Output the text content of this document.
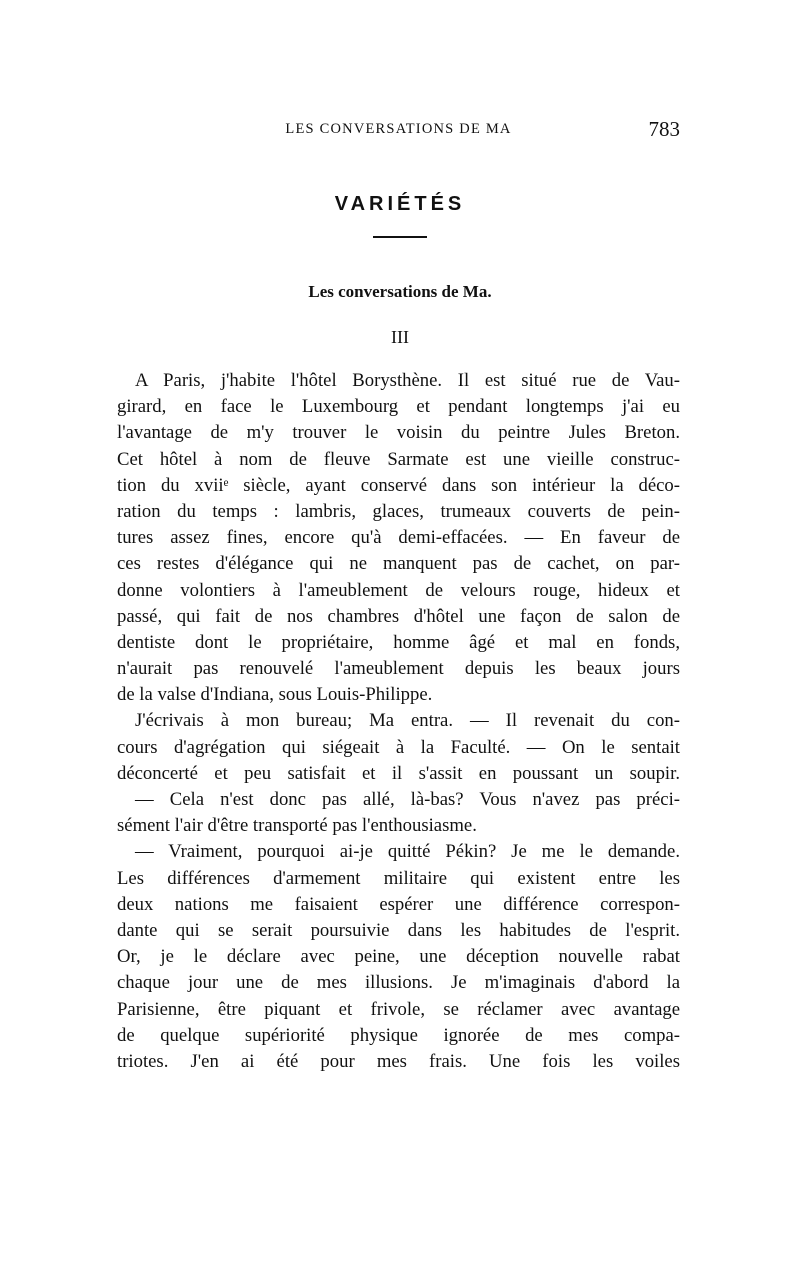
LES CONVERSATIONS DE MA	783
VARIÉTÉS
Les conversations de Ma.
III
A Paris, j'habite l'hôtel Borysthène. Il est situé rue de Vau-
girard, en face le Luxembourg et pendant longtemps j'ai eu
l'avantage de m'y trouver le voisin du peintre Jules Breton.
Cet hôtel à nom de fleuve Sarmate est une vieille construc-
tion du xviiᵉ siècle, ayant conservé dans son intérieur la déco-
ration du temps : lambris, glaces, trumeaux couverts de pein-
tures assez fines, encore qu'à demi-effacées. — En faveur de
ces restes d'élégance qui ne manquent pas de cachet, on par-
donne volontiers à l'ameublement de velours rouge, hideux et
passé, qui fait de nos chambres d'hôtel une façon de salon de
dentiste dont le propriétaire, homme âgé et mal en fonds,
n'aurait pas renouvelé l'ameublement depuis les beaux jours
de la valse d'Indiana, sous Louis-Philippe.
J'écrivais à mon bureau; Ma entra. — Il revenait du con-
cours d'agrégation qui siégeait à la Faculté. — On le sentait
déconcerté et peu satisfait et il s'assit en poussant un soupir.
— Cela n'est donc pas allé, là-bas? Vous n'avez pas préci-
sément l'air d'être transporté pas l'enthousiasme.
— Vraiment, pourquoi ai-je quitté Pékin? Je me le demande.
Les différences d'armement militaire qui existent entre les
deux nations me faisaient espérer une différence correspon-
dante qui se serait poursuivie dans les habitudes de l'esprit.
Or, je le déclare avec peine, une déception nouvelle rabat
chaque jour une de mes illusions. Je m'imaginais d'abord la
Parisienne, être piquant et frivole, se réclamer avec avantage
de quelque supériorité physique ignorée de mes compa-
triotes. J'en ai été pour mes frais. Une fois les voiles
